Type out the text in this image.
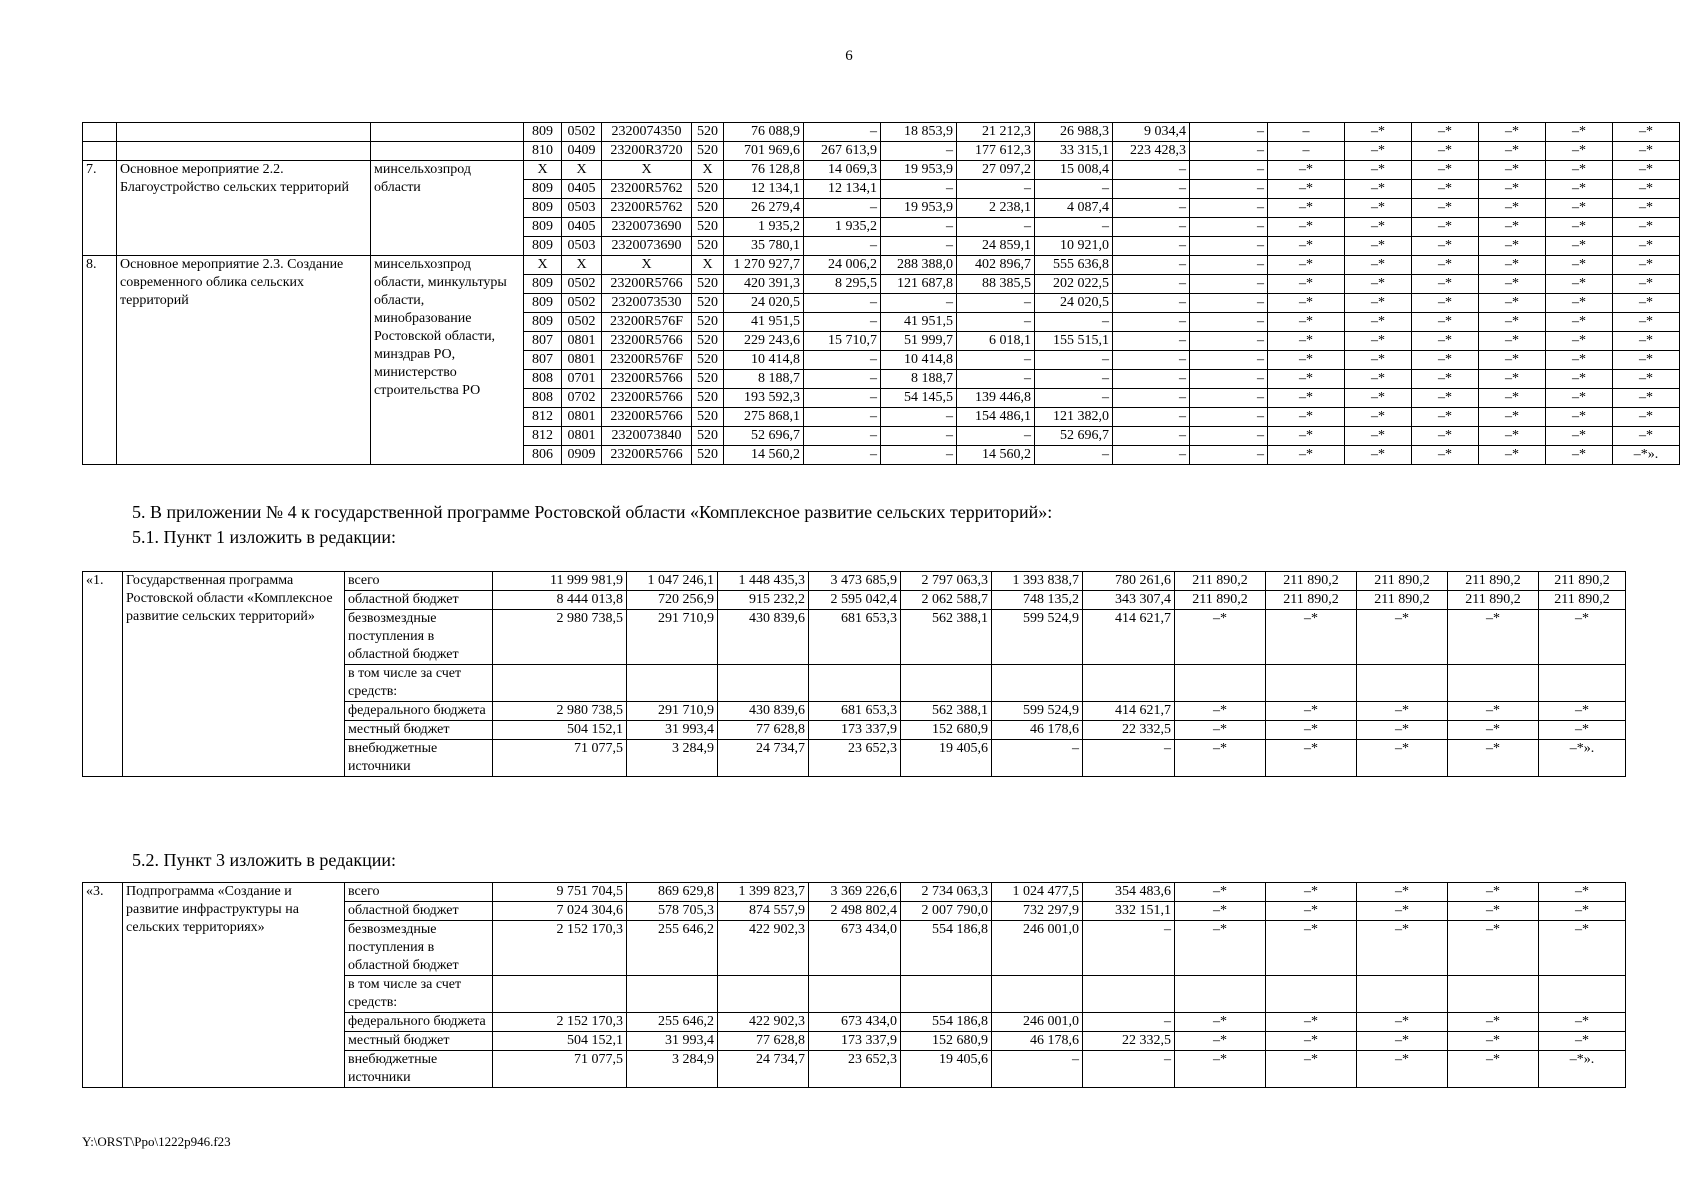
6
			809	0502	2320074350	520	76 088,9	–	18 853,9	21 212,3	26 988,3	9 034,4	–	–	–*	–*	–*	–*	–*
			810	0409	23200R3720	520	701 969,6	267 613,9	–	177 612,3	33 315,1	223 428,3	–	–	–*	–*	–*	–*	–*
7.	Основное мероприятие 2.2. Благоустройство сельских территорий	минсельхозпрод области	X	X	X	X	76 128,8	14 069,3	19 953,9	27 097,2	15 008,4	–	–	–*	–*	–*	–*	–*	–*
			809	0405	23200R5762	520	12 134,1	12 134,1	–	–	–	–	–	–*	–*	–*	–*	–*	–*
			809	0503	23200R5762	520	26 279,4	–	19 953,9	2 238,1	4 087,4	–	–	–*	–*	–*	–*	–*	–*
			809	0405	2320073690	520	1 935,2	1 935,2	–	–	–	–	–	–*	–*	–*	–*	–*	–*
			809	0503	2320073690	520	35 780,1	–	–	24 859,1	10 921,0	–	–	–*	–*	–*	–*	–*	–*
8.	Основное мероприятие 2.3. Создание современного облика сельских территорий	минсельхозпрод области, минкультуры области, минобразование Ростовской области, минздрав РО, министерство строительства РО	X	X	X	X	1 270 927,7	24 006,2	288 388,0	402 896,7	555 636,8	–	–	–*	–*	–*	–*	–*	–*
			809	0502	23200R5766	520	420 391,3	8 295,5	121 687,8	88 385,5	202 022,5	–	–	–*	–*	–*	–*	–*	–*
			809	0502	2320073530	520	24 020,5	–	–	–	24 020,5	–	–	–*	–*	–*	–*	–*	–*
			809	0502	23200R576F	520	41 951,5	–	41 951,5	–	–	–	–	–*	–*	–*	–*	–*	–*
			807	0801	23200R5766	520	229 243,6	15 710,7	51 999,7	6 018,1	155 515,1	–	–	–*	–*	–*	–*	–*	–*
			807	0801	23200R576F	520	10 414,8	–	10 414,8	–	–	–	–	–*	–*	–*	–*	–*	–*
			808	0701	23200R5766	520	8 188,7	–	8 188,7	–	–	–	–	–*	–*	–*	–*	–*	–*
			808	0702	23200R5766	520	193 592,3	–	54 145,5	139 446,8	–	–	–	–*	–*	–*	–*	–*	–*
			812	0801	23200R5766	520	275 868,1	–	–	154 486,1	121 382,0	–	–	–*	–*	–*	–*	–*	–*
			812	0801	2320073840	520	52 696,7	–	–	–	52 696,7	–	–	–*	–*	–*	–*	–*	–*
			806	0909	23200R5766	520	14 560,2	–	–	14 560,2	–	–	–	–*	–*	–*	–*	–*	–*».
5. В приложении № 4 к государственной программе Ростовской области «Комплексное развитие сельских территорий»:
5.1. Пункт 1 изложить в редакции:
«1.	Государственная программа Ростовской области «Комплексное развитие сельских территорий»	всего	11 999 981,9	1 047 246,1	1 448 435,3	3 473 685,9	2 797 063,3	1 393 838,7	780 261,6	211 890,2	211 890,2	211 890,2	211 890,2	211 890,2
		областной бюджет	8 444 013,8	720 256,9	915 232,2	2 595 042,4	2 062 588,7	748 135,2	343 307,4	211 890,2	211 890,2	211 890,2	211 890,2	211 890,2
		безвозмездные поступления в областной бюджет	2 980 738,5	291 710,9	430 839,6	681 653,3	562 388,1	599 524,9	414 621,7	–*	–*	–*	–*	–*
		в том числе за счет средств:												
		федерального бюджета	2 980 738,5	291 710,9	430 839,6	681 653,3	562 388,1	599 524,9	414 621,7	–*	–*	–*	–*	–*
		местный бюджет	504 152,1	31 993,4	77 628,8	173 337,9	152 680,9	46 178,6	22 332,5	–*	–*	–*	–*	–*
		внебюджетные источники	71 077,5	3 284,9	24 734,7	23 652,3	19 405,6	–	–	–*	–*	–*	–*	–*».
5.2. Пункт 3 изложить в редакции:
«3.	Подпрограмма «Создание и развитие инфраструктуры на сельских территориях»	всего	9 751 704,5	869 629,8	1 399 823,7	3 369 226,6	2 734 063,3	1 024 477,5	354 483,6	–*	–*	–*	–*	–*
		областной бюджет	7 024 304,6	578 705,3	874 557,9	2 498 802,4	2 007 790,0	732 297,9	332 151,1	–*	–*	–*	–*	–*
		безвозмездные поступления в областной бюджет	2 152 170,3	255 646,2	422 902,3	673 434,0	554 186,8	246 001,0	–	–*	–*	–*	–*	–*
		в том числе за счет средств:												
		федерального бюджета	2 152 170,3	255 646,2	422 902,3	673 434,0	554 186,8	246 001,0	–	–*	–*	–*	–*	–*
		местный бюджет	504 152,1	31 993,4	77 628,8	173 337,9	152 680,9	46 178,6	22 332,5	–*	–*	–*	–*	–*
		внебюджетные источники	71 077,5	3 284,9	24 734,7	23 652,3	19 405,6	–	–	–*	–*	–*	–*	–*».
Y:\ORST\Ppo\1222p946.f23
